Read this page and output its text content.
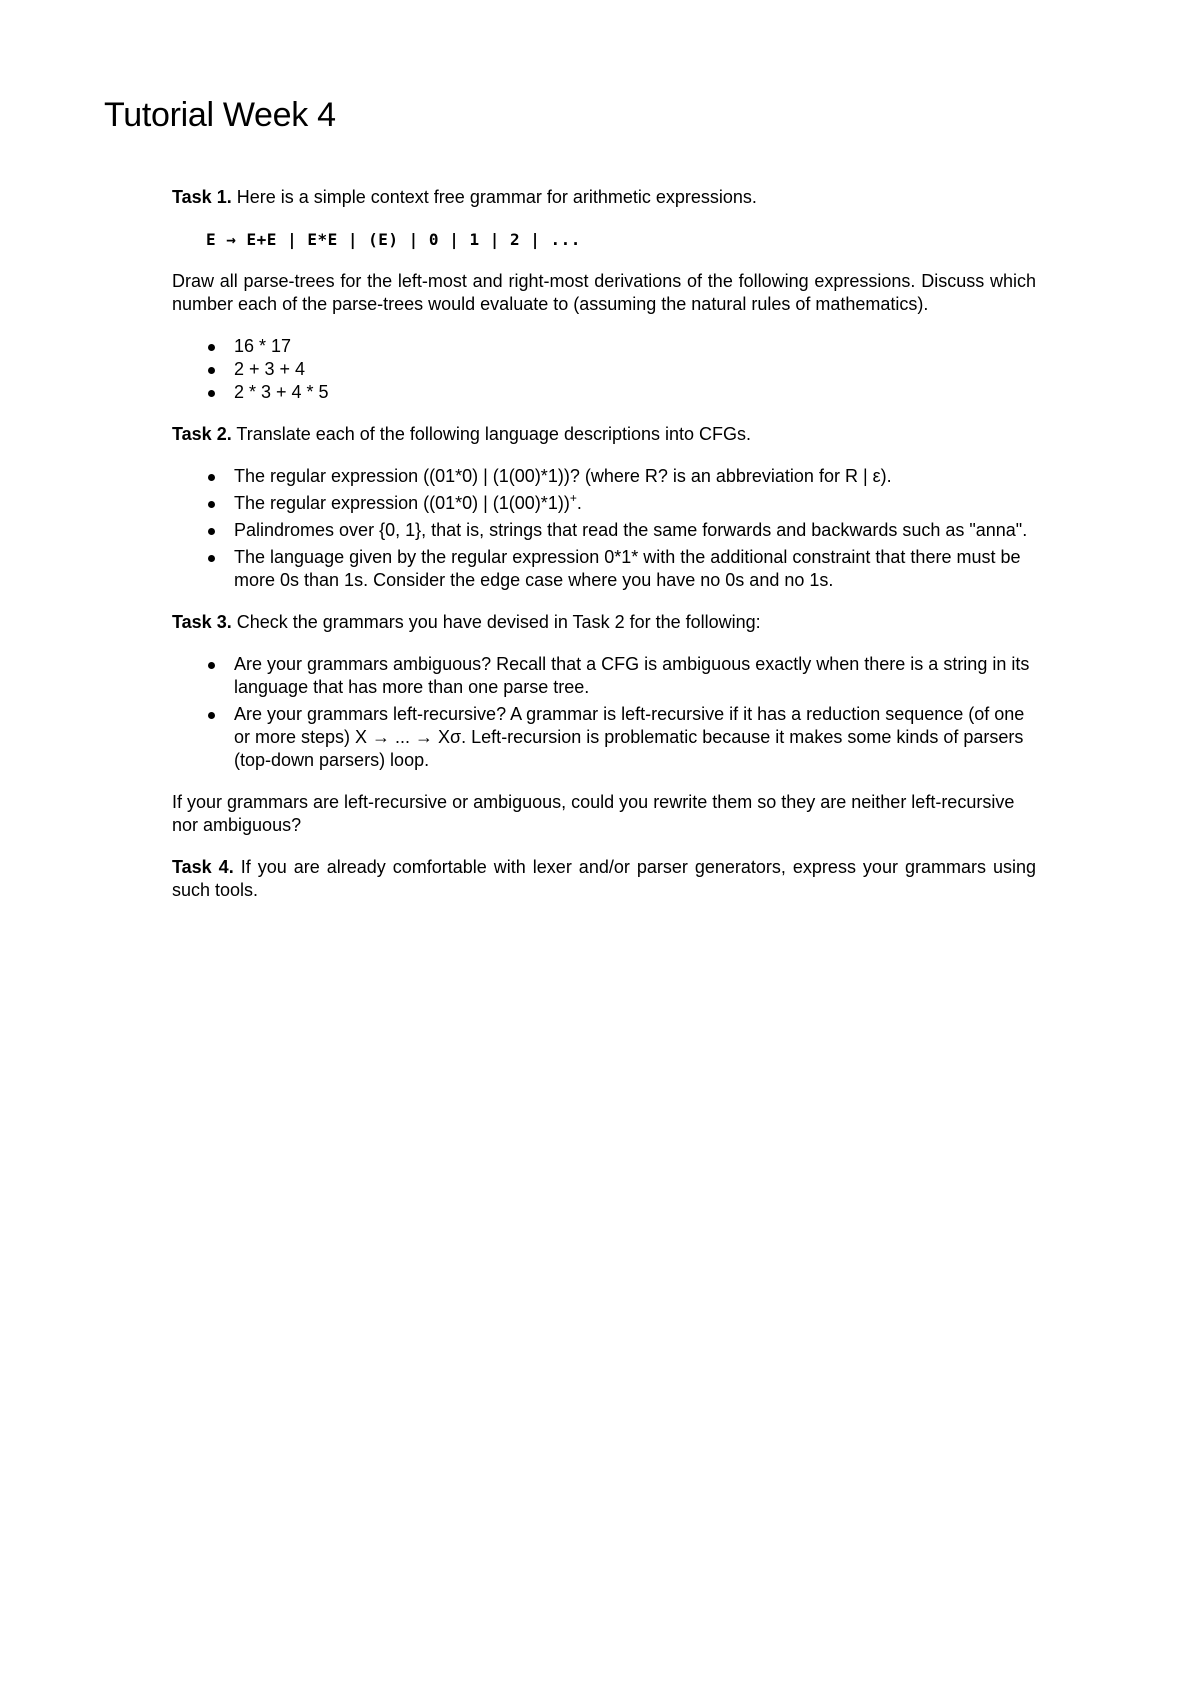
Tutorial Week 4

Task 1. Here is a simple context free grammar for arithmetic expressions.

E → E+E | E*E | (E) | 0 | 1 | 2 | ...

Draw all parse-trees for the left-most and right-most derivations of the following expressions. Discuss which number each of the parse-trees would evaluate to (assuming the natural rules of mathematics).

16 * 17
2 + 3 + 4
2 * 3 + 4 * 5

Task 2. Translate each of the following language descriptions into CFGs.

The regular expression ((01*0) | (1(00)*1))? (where R? is an abbreviation for R | ε).
The regular expression ((01*0) | (1(00)*1))+.
Palindromes over {0, 1}, that is, strings that read the same forwards and backwards such as "anna".
The language given by the regular expression 0*1* with the additional constraint that there must be more 0s than 1s. Consider the edge case where you have no 0s and no 1s.

Task 3. Check the grammars you have devised in Task 2 for the following:

Are your grammars ambiguous? Recall that a CFG is ambiguous exactly when there is a string in its language that has more than one parse tree.
Are your grammars left-recursive? A grammar is left-recursive if it has a reduction sequence (of one or more steps) X → ... → Xσ. Left-recursion is problematic because it makes some kinds of parsers (top-down parsers) loop.

If your grammars are left-recursive or ambiguous, could you rewrite them so they are neither left-recursive nor ambiguous?

Task 4. If you are already comfortable with lexer and/or parser generators, express your grammars using such tools.
